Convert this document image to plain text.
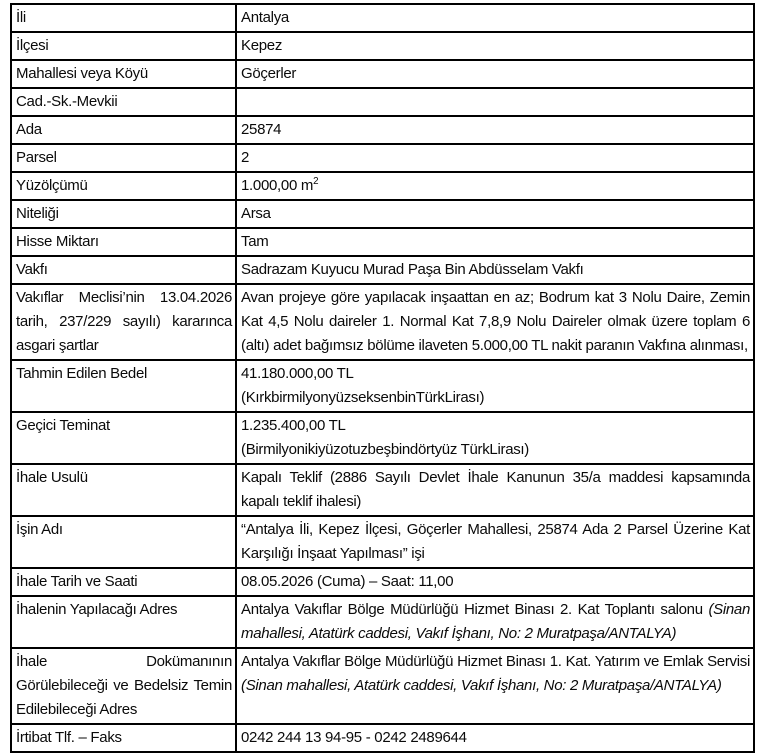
İli	Antalya

İlçesi	Kepez

Mahallesi veya Köyü	Göçerler

Cad.-Sk.-Mevkii	

Ada	25874

Parsel	2

Yüzölçümü	1.000,00 $m^2$

Niteliği	Arsa

Hisse Miktarı	Tam

Vakfı	Sadrazam Kuyucu Murad Paşa Bin Abdüsselam Vakfı

Vakıflar Meclisi’nin 13.04.2026 tarih, 237/229 sayılı) kararınca asgari şartlar	Avan projeye göre yapılacak inşaattan en az; Bodrum kat 3 Nolu Daire, Zemin Kat 4,5 Nolu daireler 1. Normal Kat 7,8,9 Nolu Daireler olmak üzere toplam 6 (altı) adet bağımsız bölüme ilaveten 5.000,00 TL nakit paranın Vakfına alınması,

Tahmin Edilen Bedel	41.180.000,00 TL
(KırkbirmilyonyüzseksenbinTürkLirası)

Geçici Teminat	1.235.400,00 TL
(Birmilyonikiyüzotuzbeşbindörtyüz TürkLirası)

İhale Usulü	Kapalı Teklif (2886 Sayılı Devlet İhale Kanunun 35/a maddesi kapsamında kapalı teklif ihalesi)

İşin Adı	“Antalya İli, Kepez İlçesi, Göçerler Mahallesi, 25874 Ada 2 Parsel Üzerine Kat Karşılığı İnşaat Yapılması” işi

İhale Tarih ve Saati	08.05.2026 (Cuma) – Saat: 11,00

İhalenin Yapılacağı Adres	Antalya Vakıflar Bölge Müdürlüğü Hizmet Binası 2. Kat Toplantı salonu (Sinan mahallesi, Atatürk caddesi, Vakıf İşhanı, No: 2 Muratpaşa/ANTALYA)

İhale Dokümanının Görülebileceği ve Bedelsiz Temin Edilebileceği Adres	Antalya Vakıflar Bölge Müdürlüğü Hizmet Binası 1. Kat. Yatırım ve Emlak Servisi (Sinan mahallesi, Atatürk caddesi, Vakıf İşhanı, No: 2 Muratpaşa/ANTALYA)

İrtibat Tlf. – Faks	0242 244 13 94-95 - 0242 2489644
